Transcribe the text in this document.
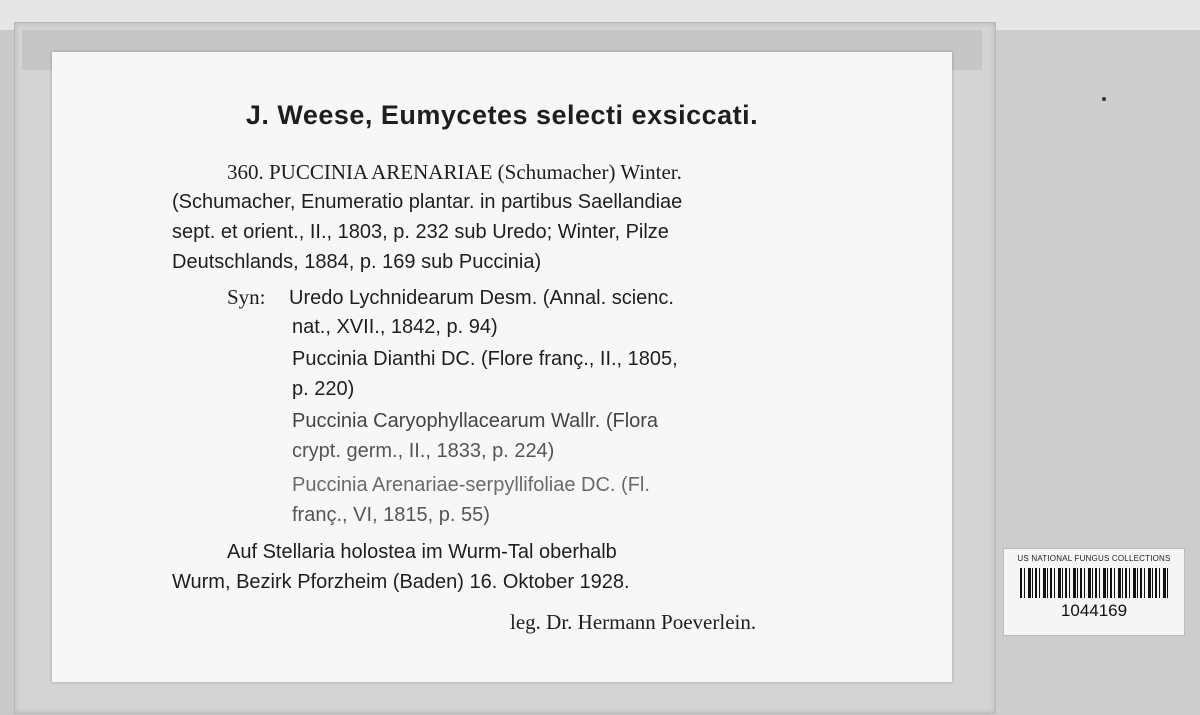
J. Weese, Eumycetes selecti exsiccati.
360. PUCCINIA ARENARIAE (Schumacher) Winter.
(Schumacher, Enumeratio plantar. in partibus Saellandiae
sept. et orient., II., 1803, p. 232 sub Uredo; Winter, Pilze
Deutschlands, 1884, p. 169 sub Puccinia)
Syn: Uredo Lychnidearum Desm. (Annal. scienc.
nat., XVII., 1842, p. 94)
Puccinia Dianthi DC. (Flore franç., II., 1805,
p. 220)
Puccinia Caryophyllacearum Wallr. (Flora
crypt. germ., II., 1833, p. 224)
Puccinia Arenariae-serpyllifoliae DC. (Fl.
franç., VI, 1815, p. 55)
Auf Stellaria holostea im Wurm-Tal oberhalb
Wurm, Bezirk Pforzheim (Baden) 16. Oktober 1928.
leg. Dr. Hermann Poeverlein.
US NATIONAL FUNGUS COLLECTIONS
1044169
